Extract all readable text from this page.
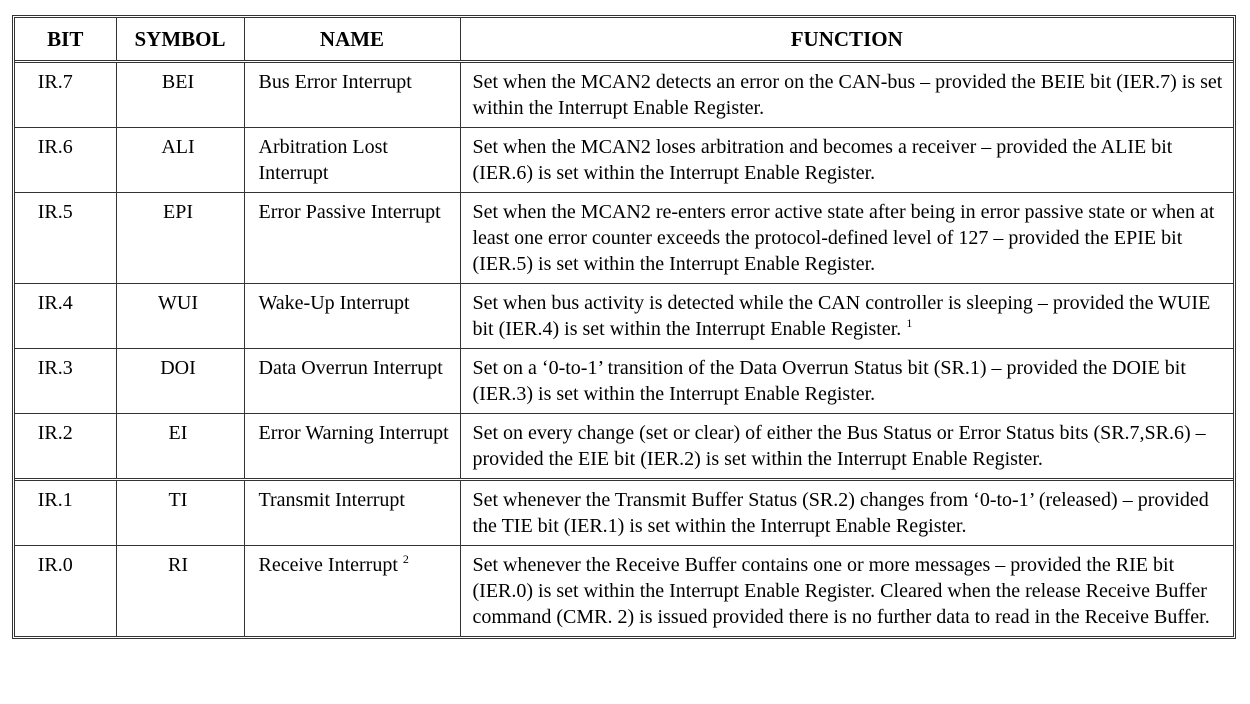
BIT	SYMBOL	NAME	FUNCTION
IR.7	BEI	Bus Error Interrupt	Set when the MCAN2 detects an error on the CAN-bus – provided the BEIE bit (IER.7) is set within the Interrupt Enable Register.
IR.6	ALI	Arbitration Lost Interrupt	Set when the MCAN2 loses arbitration and becomes a receiver – provided the ALIE bit (IER.6) is set within the Interrupt Enable Register.
IR.5	EPI	Error Passive Interrupt	Set when the MCAN2 re-enters error active state after being in error passive state or when at least one error counter exceeds the protocol-defined level of 127 – provided the EPIE bit (IER.5) is set within the Interrupt Enable Register.
IR.4	WUI	Wake-Up Interrupt	Set when bus activity is detected while the CAN controller is sleeping – provided the WUIE bit (IER.4) is set within the Interrupt Enable Register. $^1$
IR.3	DOI	Data Overrun Interrupt	Set on a ‘0-to-1’ transition of the Data Overrun Status bit (SR.1) – provided the DOIE bit (IER.3) is set within the Interrupt Enable Register.
IR.2	EI	Error Warning Interrupt	Set on every change (set or clear) of either the Bus Status or Error Status bits (SR.7,SR.6) – provided the EIE bit (IER.2) is set within the Interrupt Enable Register.
IR.1	TI	Transmit Interrupt	Set whenever the Transmit Buffer Status (SR.2) changes from ‘0-to-1’ (released) – provided the TIE bit (IER.1) is set within the Interrupt Enable Register.
IR.0	RI	Receive Interrupt $^2$	Set whenever the Receive Buffer contains one or more messages – provided the RIE bit (IER.0) is set within the Interrupt Enable Register. Cleared when the release Receive Buffer command (CMR. 2) is issued provided there is no further data to read in the Receive Buffer.
